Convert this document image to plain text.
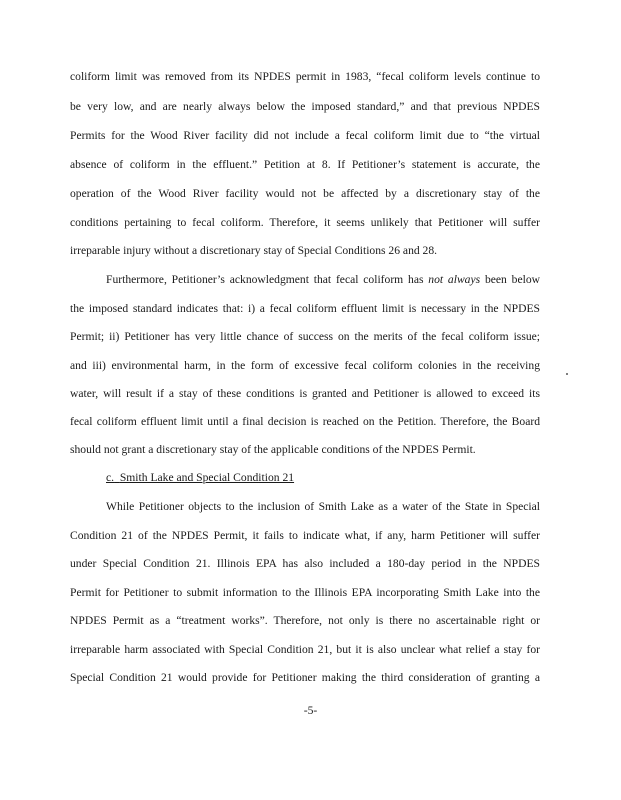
coliform limit was removed from its NPDES permit in 1983, “fecal coliform levels continue to
be very low, and are nearly always below the imposed standard,” and that previous NPDES
Permits for the Wood River facility did not include a fecal coliform limit due to “the virtual
absence of coliform in the effluent.” Petition at 8. If Petitioner’s statement is accurate, the
operation of the Wood River facility would not be affected by a discretionary stay of the
conditions pertaining to fecal coliform. Therefore, it seems unlikely that Petitioner will suffer
irreparable injury without a discretionary stay of Special Conditions 26 and 28.
Furthermore, Petitioner’s acknowledgment that fecal coliform has not always been below
the imposed standard indicates that: i) a fecal coliform effluent limit is necessary in the NPDES
Permit; ii) Petitioner has very little chance of success on the merits of the fecal coliform issue;
and iii) environmental harm, in the form of excessive fecal coliform colonies in the receiving
water, will result if a stay of these conditions is granted and Petitioner is allowed to exceed its
fecal coliform effluent limit until a final decision is reached on the Petition. Therefore, the Board
should not grant a discretionary stay of the applicable conditions of the NPDES Permit.
c. Smith Lake and Special Condition 21
While Petitioner objects to the inclusion of Smith Lake as a water of the State in Special
Condition 21 of the NPDES Permit, it fails to indicate what, if any, harm Petitioner will suffer
under Special Condition 21. Illinois EPA has also included a 180-day period in the NPDES
Permit for Petitioner to submit information to the Illinois EPA incorporating Smith Lake into the
NPDES Permit as a “treatment works”. Therefore, not only is there no ascertainable right or
irreparable harm associated with Special Condition 21, but it is also unclear what relief a stay for
Special Condition 21 would provide for Petitioner making the third consideration of granting a
-5-
